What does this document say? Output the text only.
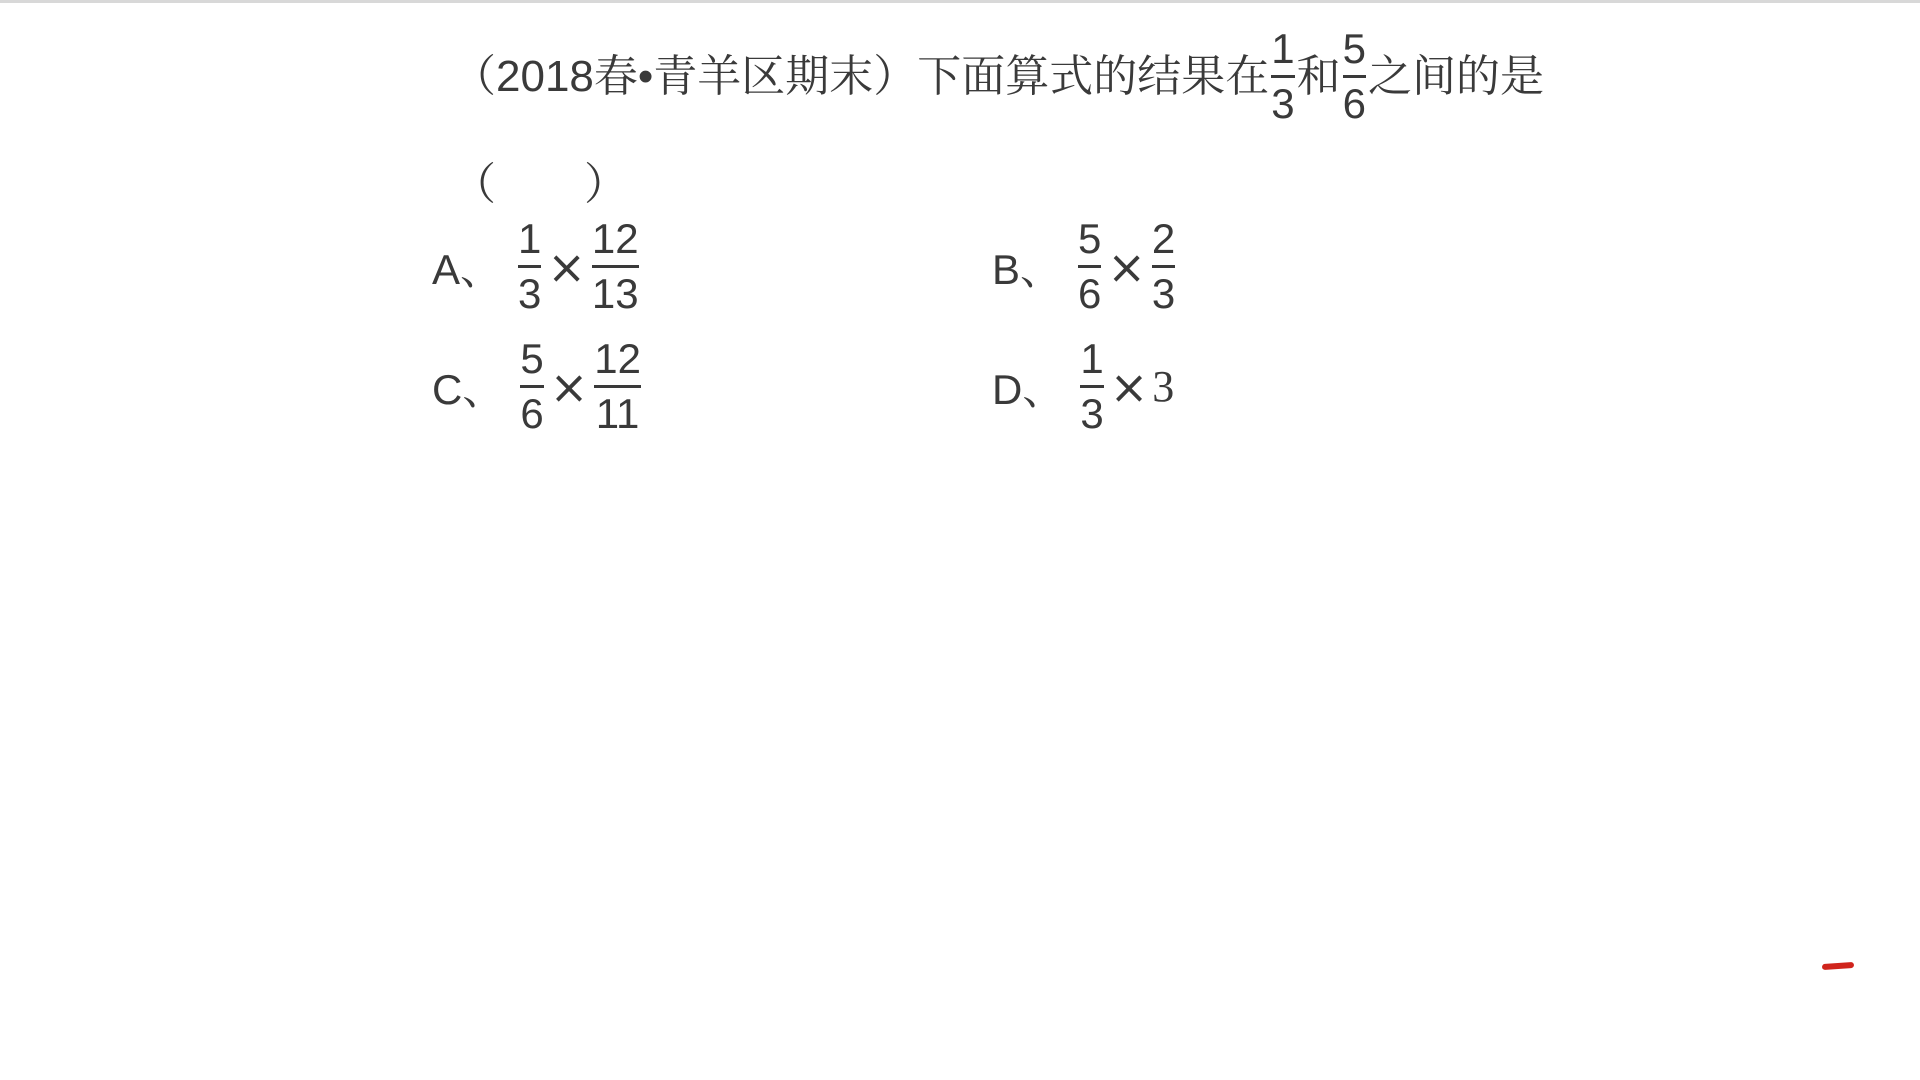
（2018春•青羊区期末） 下面算式的结果在 $\frac{1}{3}$ 和 $\frac{5}{6}$ 之间的是
（　　）
A、 $\frac{1}{3} \times \frac{12}{13}$	B、 $\frac{5}{6} \times \frac{2}{3}$
C、 $\frac{5}{6} \times \frac{12}{11}$	D、 $\frac{1}{3} \times 3$
